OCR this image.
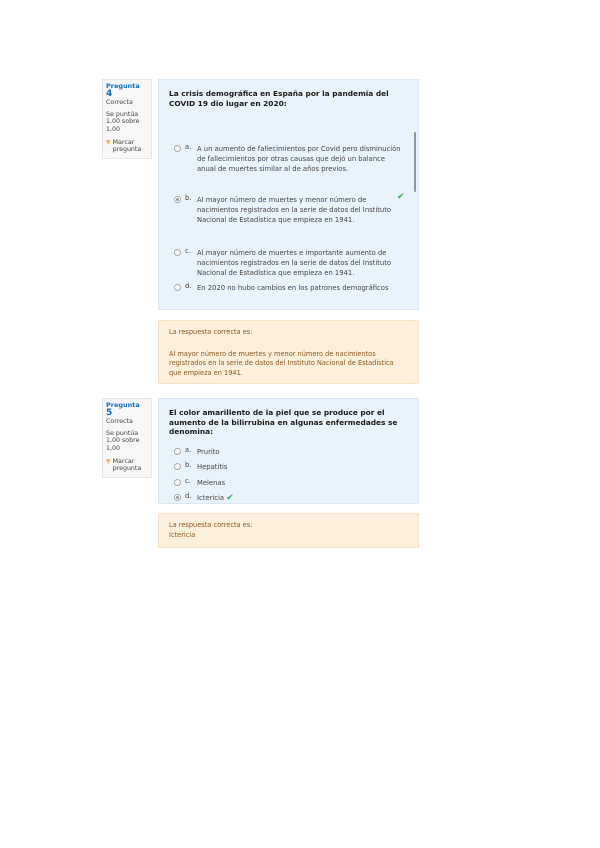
Pregunta 4
Correcta
Se puntúa 1,00 sobre 1,00
▼ Marcar pregunta
La crisis demográfica en España por la pandemia del COVID 19 dio lugar en 2020:
a. A un aumento de fallecimientos por Covid pero disminución de fallecimientos por otras causas que dejó un balance anual de muertes similar al de años previos.
b. Al mayor número de muertes y menor número de nacimientos registrados en la serie de datos del Instituto Nacional de Estadística que empieza en 1941.
✔
c. Al mayor número de muertes e importante aumento de nacimientos registrados en la serie de datos del Instituto Nacional de Estadística que empieza en 1941.
d. En 2020 no hubo cambios en los patrones demográficos
La respuesta correcta es:
Al mayor número de muertes y menor número de nacimientos registrados en la serie de datos del Instituto Nacional de Estadística que empieza en 1941.
Pregunta 5
Correcta
Se puntúa 1,00 sobre 1,00
▼ Marcar pregunta
El color amarillento de la piel que se produce por el aumento de la bilirrubina en algunas enfermedades se denomina:
a. Prurito
b. Hepatitis
c. Melenas
d. Ictericia ✔
La respuesta correcta es:
Ictericia
